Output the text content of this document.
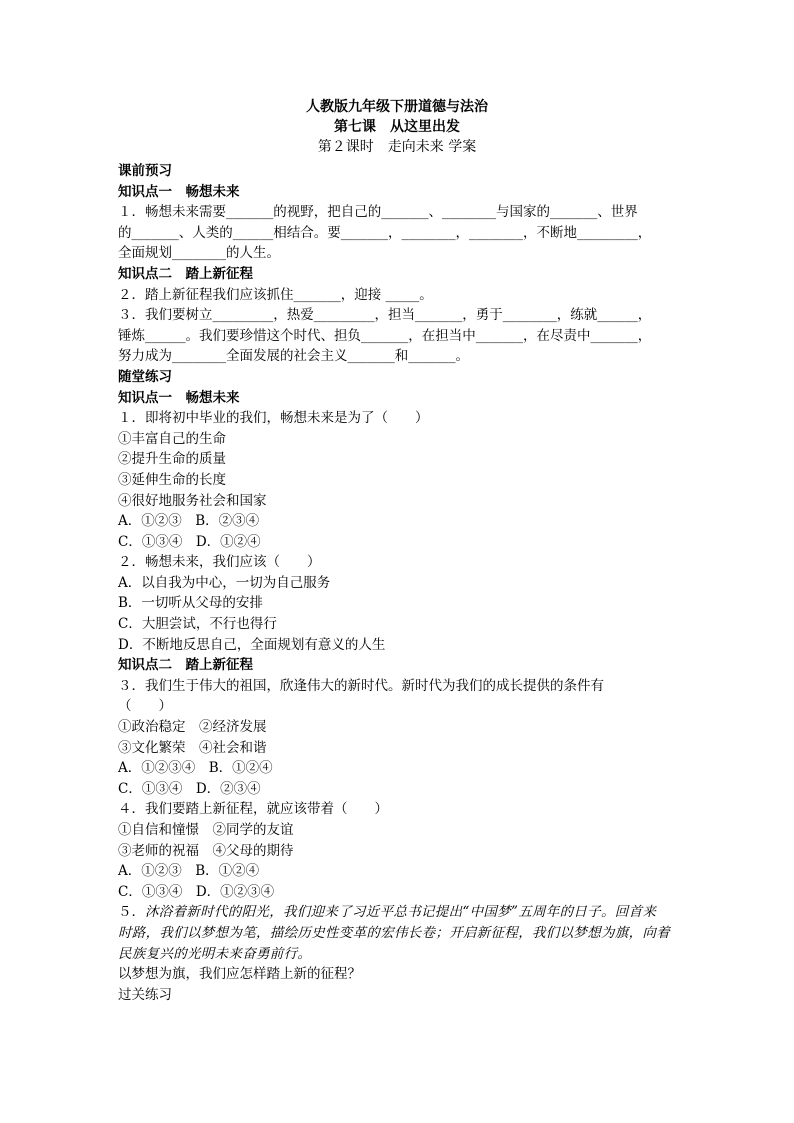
人教版九年级下册道德与法治
第七课　从这里出发
第２课时　走向未来 学案
课前预习
知识点一　畅想未来
１．畅想未来需要_______的视野，把自己的_______、________与国家的_______、世界
的_______、人类的______相结合。要_______，________，________，不断地_________，
全面规划________的人生。
知识点二　踏上新征程
２．踏上新征程我们应该抓住_______，迎接 _____。
３．我们要树立_________，热爱_________，担当_______，勇于________，练就______，
锤炼______。我们要珍惜这个时代、担负_______，在担当中_______，在尽责中_______，
努力成为________全面发展的社会主义_______和_______。
随堂练习
知识点一　畅想未来
１．即将初中毕业的我们，畅想未来是为了（　　）
①丰富自己的生命
②提升生命的质量
③延伸生命的长度
④很好地服务社会和国家
A．①②③　B．②③④
C．①③④　D．①②④
２．畅想未来，我们应该（　　）
A．以自我为中心，一切为自己服务
B．一切听从父母的安排
C．大胆尝试，不行也得行
D．不断地反思自己，全面规划有意义的人生
知识点二　踏上新征程
３．我们生于伟大的祖国，欣逢伟大的新时代。新时代为我们的成长提供的条件有
（　　）
①政治稳定　②经济发展
③文化繁荣　④社会和谐
A．①②③④　B．①②④
C．①③④　D．②③④
４．我们要踏上新征程，就应该带着（　　）
①自信和憧憬　②同学的友谊
③老师的祝福　④父母的期待
A．①②③　B．①②④
C．①③④　D．①②③④
５．沐浴着新时代的阳光，我们迎来了习近平总书记提出“中国梦”五周年的日子。回首来
时路，我们以梦想为笔，描绘历史性变革的宏伟长卷；开启新征程，我们以梦想为旗，向着
民族复兴的光明未来奋勇前行。
以梦想为旗，我们应怎样踏上新的征程？
过关练习
